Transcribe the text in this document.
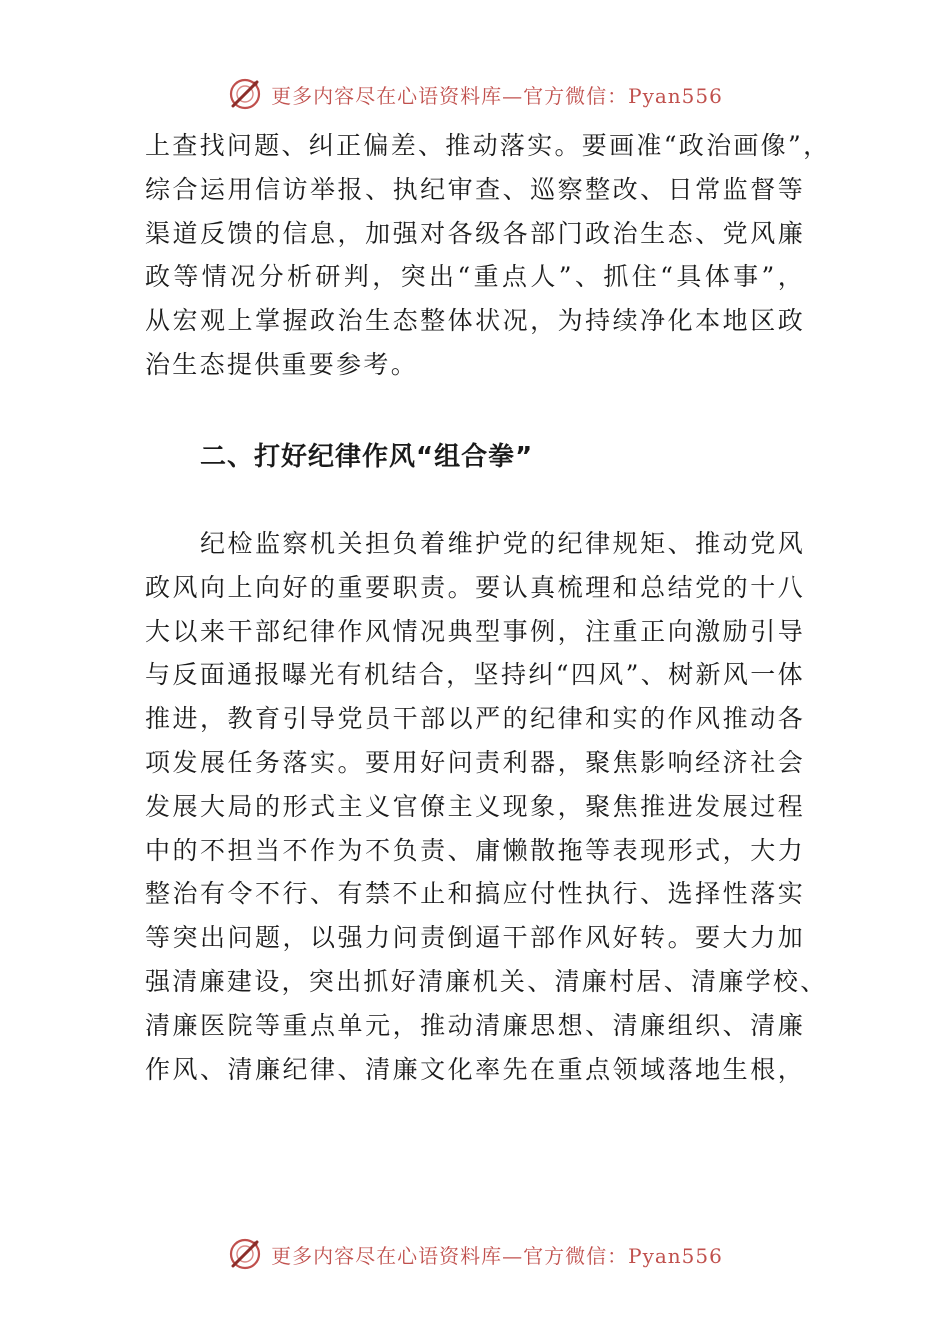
更多内容尽在心语资料库—官方微信：Pyan556
上查找问题、纠正偏差、推动落实。要画准“政治画像”，
综合运用信访举报、执纪审查、巡察整改、日常监督等
渠道反馈的信息，加强对各级各部门政治生态、党风廉
政等情况分析研判，突出“重点人”、抓住“具体事”，
从宏观上掌握政治生态整体状况，为持续净化本地区政
治生态提供重要参考。
二、打好纪律作风“组合拳”
　　纪检监察机关担负着维护党的纪律规矩、推动党风
政风向上向好的重要职责。要认真梳理和总结党的十八
大以来干部纪律作风情况典型事例，注重正向激励引导
与反面通报曝光有机结合，坚持纠“四风”、树新风一体
推进，教育引导党员干部以严的纪律和实的作风推动各
项发展任务落实。要用好问责利器，聚焦影响经济社会
发展大局的形式主义官僚主义现象，聚焦推进发展过程
中的不担当不作为不负责、庸懒散拖等表现形式，大力
整治有令不行、有禁不止和搞应付性执行、选择性落实
等突出问题，以强力问责倒逼干部作风好转。要大力加
强清廉建设，突出抓好清廉机关、清廉村居、清廉学校、
清廉医院等重点单元，推动清廉思想、清廉组织、清廉
作风、清廉纪律、清廉文化率先在重点领域落地生根，
更多内容尽在心语资料库—官方微信：Pyan556
